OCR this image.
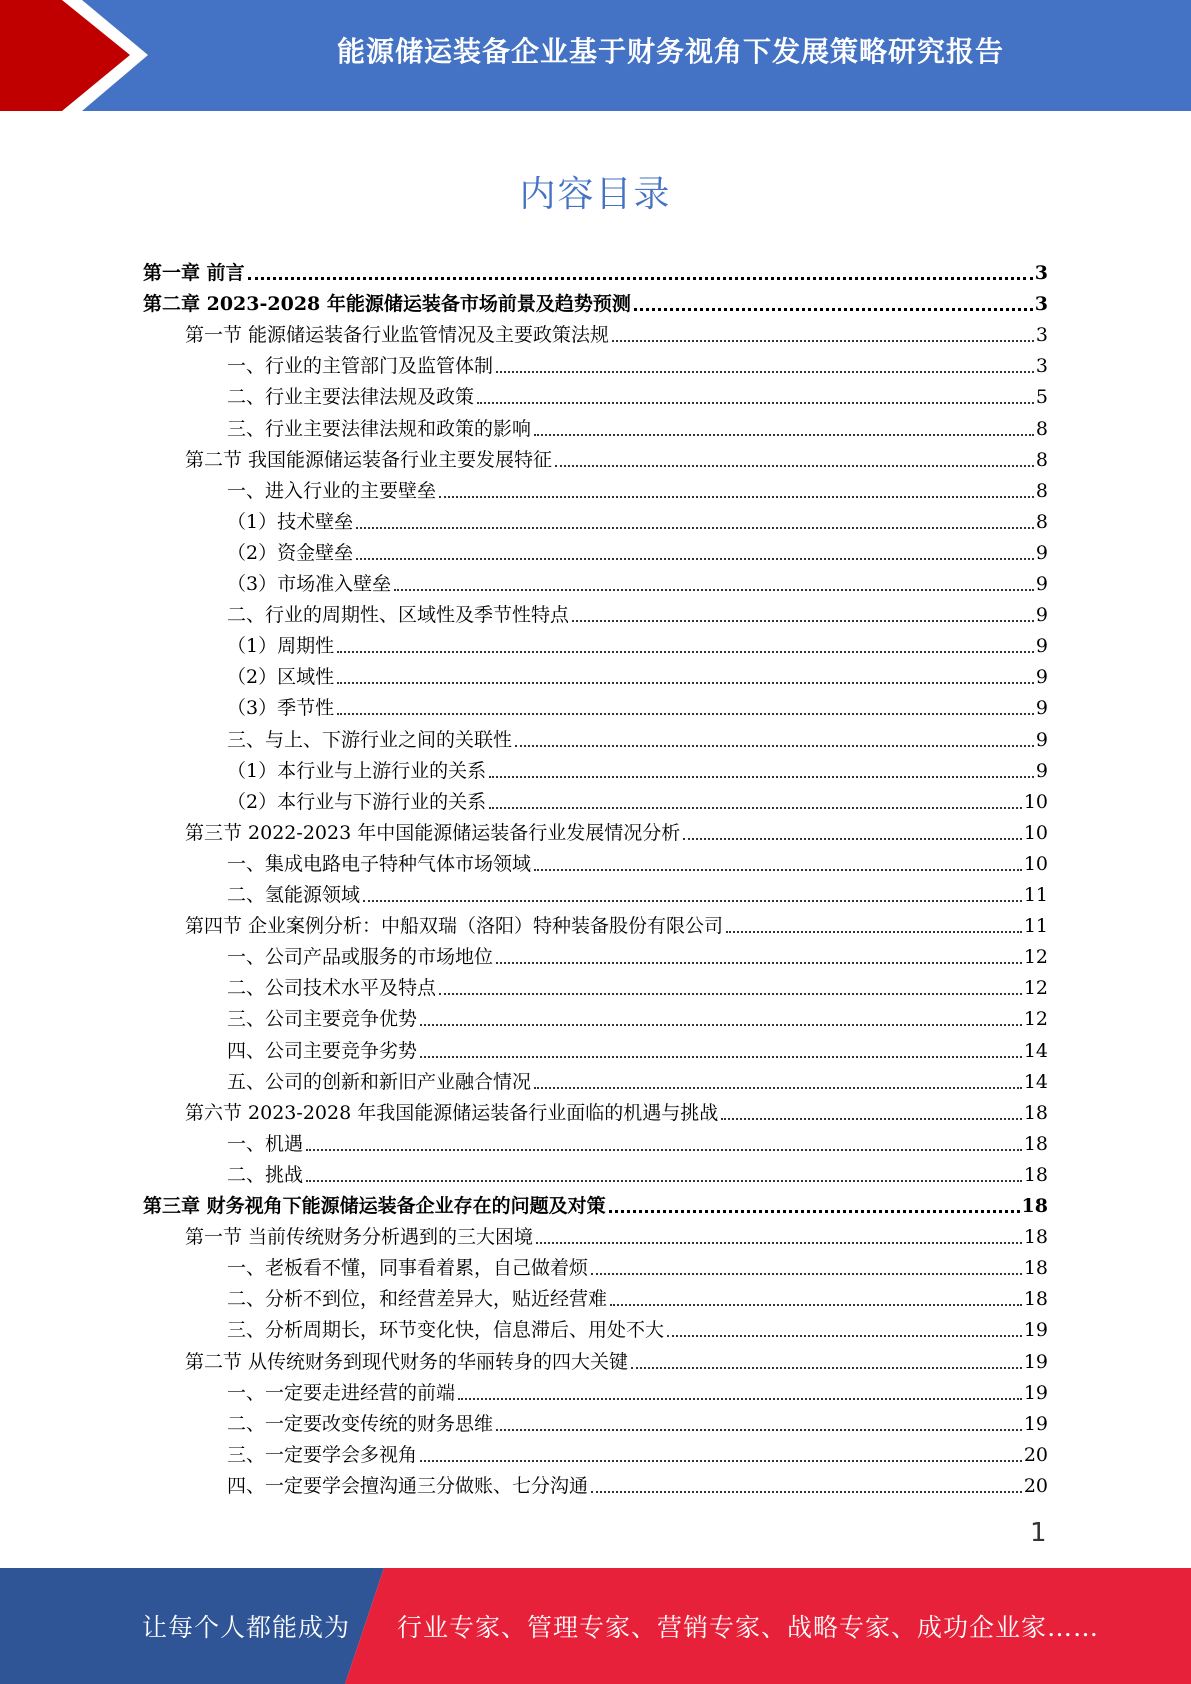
能源储运装备企业基于财务视角下发展策略研究报告
内容目录
第一章 前言	3
第二章 2023-2028 年能源储运装备市场前景及趋势预测	3
第一节 能源储运装备行业监管情况及主要政策法规	3
一、行业的主管部门及监管体制	3
二、行业主要法律法规及政策	5
三、行业主要法律法规和政策的影响	8
第二节 我国能源储运装备行业主要发展特征	8
一、进入行业的主要壁垒	8
（1）技术壁垒	8
（2）资金壁垒	9
（3）市场准入壁垒	9
二、行业的周期性、区域性及季节性特点	9
（1）周期性	9
（2）区域性	9
（3）季节性	9
三、与上、下游行业之间的关联性	9
（1）本行业与上游行业的关系	9
（2）本行业与下游行业的关系	10
第三节 2022-2023 年中国能源储运装备行业发展情况分析	10
一、集成电路电子特种气体市场领域	10
二、氢能源领域	11
第四节 企业案例分析：中船双瑞（洛阳）特种装备股份有限公司	11
一、公司产品或服务的市场地位	12
二、公司技术水平及特点	12
三、公司主要竞争优势	12
四、公司主要竞争劣势	14
五、公司的创新和新旧产业融合情况	14
第六节 2023-2028 年我国能源储运装备行业面临的机遇与挑战	18
一、机遇	18
二、挑战	18
第三章 财务视角下能源储运装备企业存在的问题及对策	18
第一节 当前传统财务分析遇到的三大困境	18
一、老板看不懂，同事看着累，自己做着烦	18
二、分析不到位，和经营差异大，贴近经营难	18
三、分析周期长，环节变化快，信息滞后、用处不大	19
第二节 从传统财务到现代财务的华丽转身的四大关键	19
一、一定要走进经营的前端	19
二、一定要改变传统的财务思维	19
三、一定要学会多视角	20
四、一定要学会擅沟通三分做账、七分沟通	20
1
让每个人都能成为 行业专家、管理专家、营销专家、战略专家、成功企业家……
